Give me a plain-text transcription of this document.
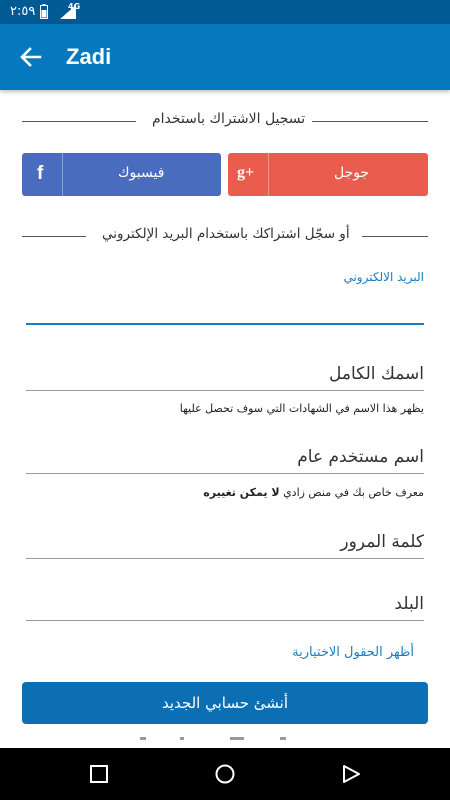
٢:٥٩	4G
Zadi
تسجيل الاشتراك باستخدام
f	فيسبوك	g+	جوجل
أو سجّل اشتراكك باستخدام البريد الإلكتروني
البريد الالكتروني
اسمك الكامل
يظهر هذا الاسم في الشهادات التي سوف تحصل عليها
اسم مستخدم عام
معرف خاص بك في منص زادي لا يمكن تغييره
كلمة المرور
البلد
أظهر الحقول الاختيارية
أنشئ حسابي الجديد
